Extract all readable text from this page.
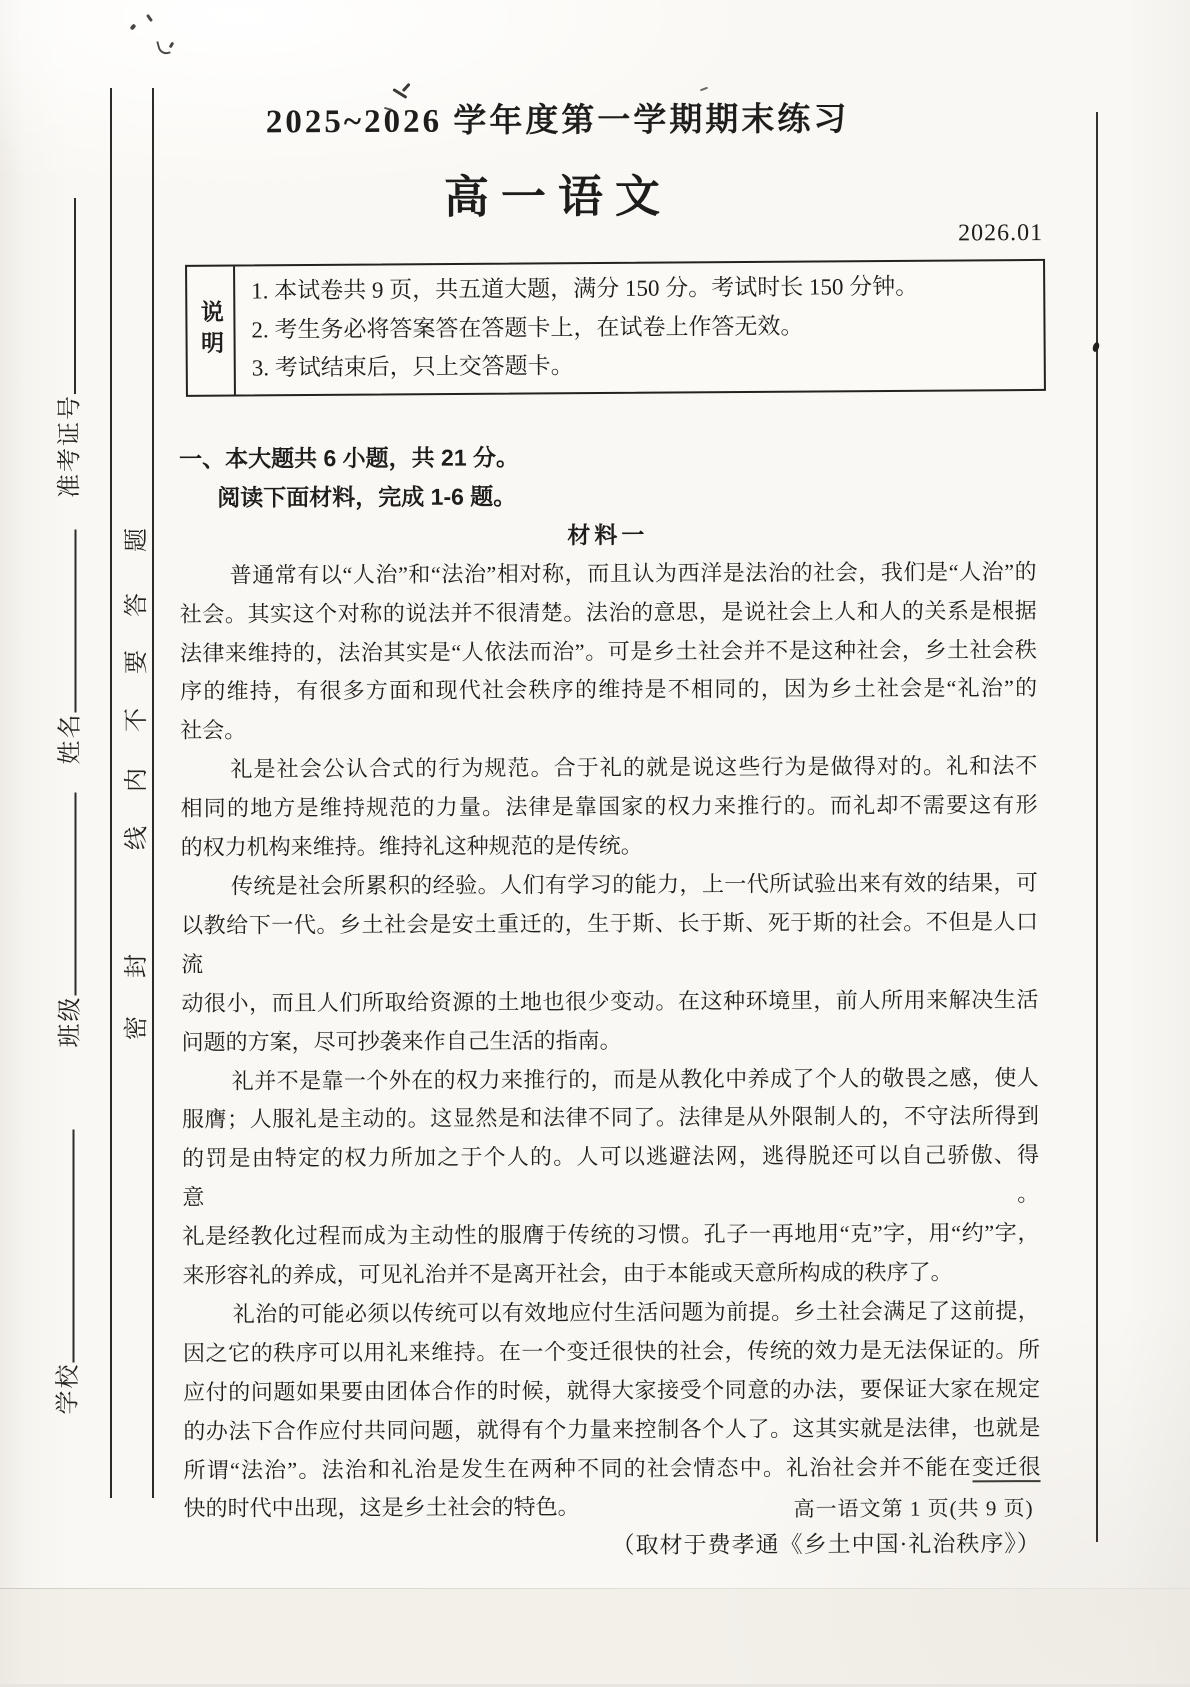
准考证号
姓名
班级
学校
题
答
要
不
内
线
封
密
2025~2026 学年度第一学期期末练习
高一语文
2026.01
说明
1. 本试卷共 9 页，共五道大题，满分 150 分。考试时长 150 分钟。
2. 考生务必将答案答在答题卡上，在试卷上作答无效。
3. 考试结束后，只上交答题卡。
一、本大题共 6 小题，共 21 分。
阅读下面材料，完成 1-6 题。
材料一
普通常有以“人治”和“法治”相对称，而且认为西洋是法治的社会，我们是“人治”的
社会。其实这个对称的说法并不很清楚。法治的意思，是说社会上人和人的关系是根据
法律来维持的，法治其实是“人依法而治”。可是乡土社会并不是这种社会，乡土社会秩
序的维持，有很多方面和现代社会秩序的维持是不相同的，因为乡土社会是“礼治”的
社会。
礼是社会公认合式的行为规范。合于礼的就是说这些行为是做得对的。礼和法不
相同的地方是维持规范的力量。法律是靠国家的权力来推行的。而礼却不需要这有形
的权力机构来维持。维持礼这种规范的是传统。
传统是社会所累积的经验。人们有学习的能力，上一代所试验出来有效的结果，可
以教给下一代。乡土社会是安土重迁的，生于斯、长于斯、死于斯的社会。不但是人口流
动很小，而且人们所取给资源的土地也很少变动。在这种环境里，前人所用来解决生活
问题的方案，尽可抄袭来作自己生活的指南。
礼并不是靠一个外在的权力来推行的，而是从教化中养成了个人的敬畏之感，使人
服膺；人服礼是主动的。这显然是和法律不同了。法律是从外限制人的，不守法所得到
的罚是由特定的权力所加之于个人的。人可以逃避法网，逃得脱还可以自己骄傲、得意。
礼是经教化过程而成为主动性的服膺于传统的习惯。孔子一再地用“克”字，用“约”字，
来形容礼的养成，可见礼治并不是离开社会，由于本能或天意所构成的秩序了。
礼治的可能必须以传统可以有效地应付生活问题为前提。乡土社会满足了这前提，
因之它的秩序可以用礼来维持。在一个变迁很快的社会，传统的效力是无法保证的。所
应付的问题如果要由团体合作的时候，就得大家接受个同意的办法，要保证大家在规定
的办法下合作应付共同问题，就得有个力量来控制各个人了。这其实就是法律，也就是
所谓“法治”。法治和礼治是发生在两种不同的社会情态中。礼治社会并不能在变迁很
快的时代中出现，这是乡土社会的特色。
（取材于费孝通《乡土中国·礼治秩序》）
高一语文第 1 页(共 9 页)
